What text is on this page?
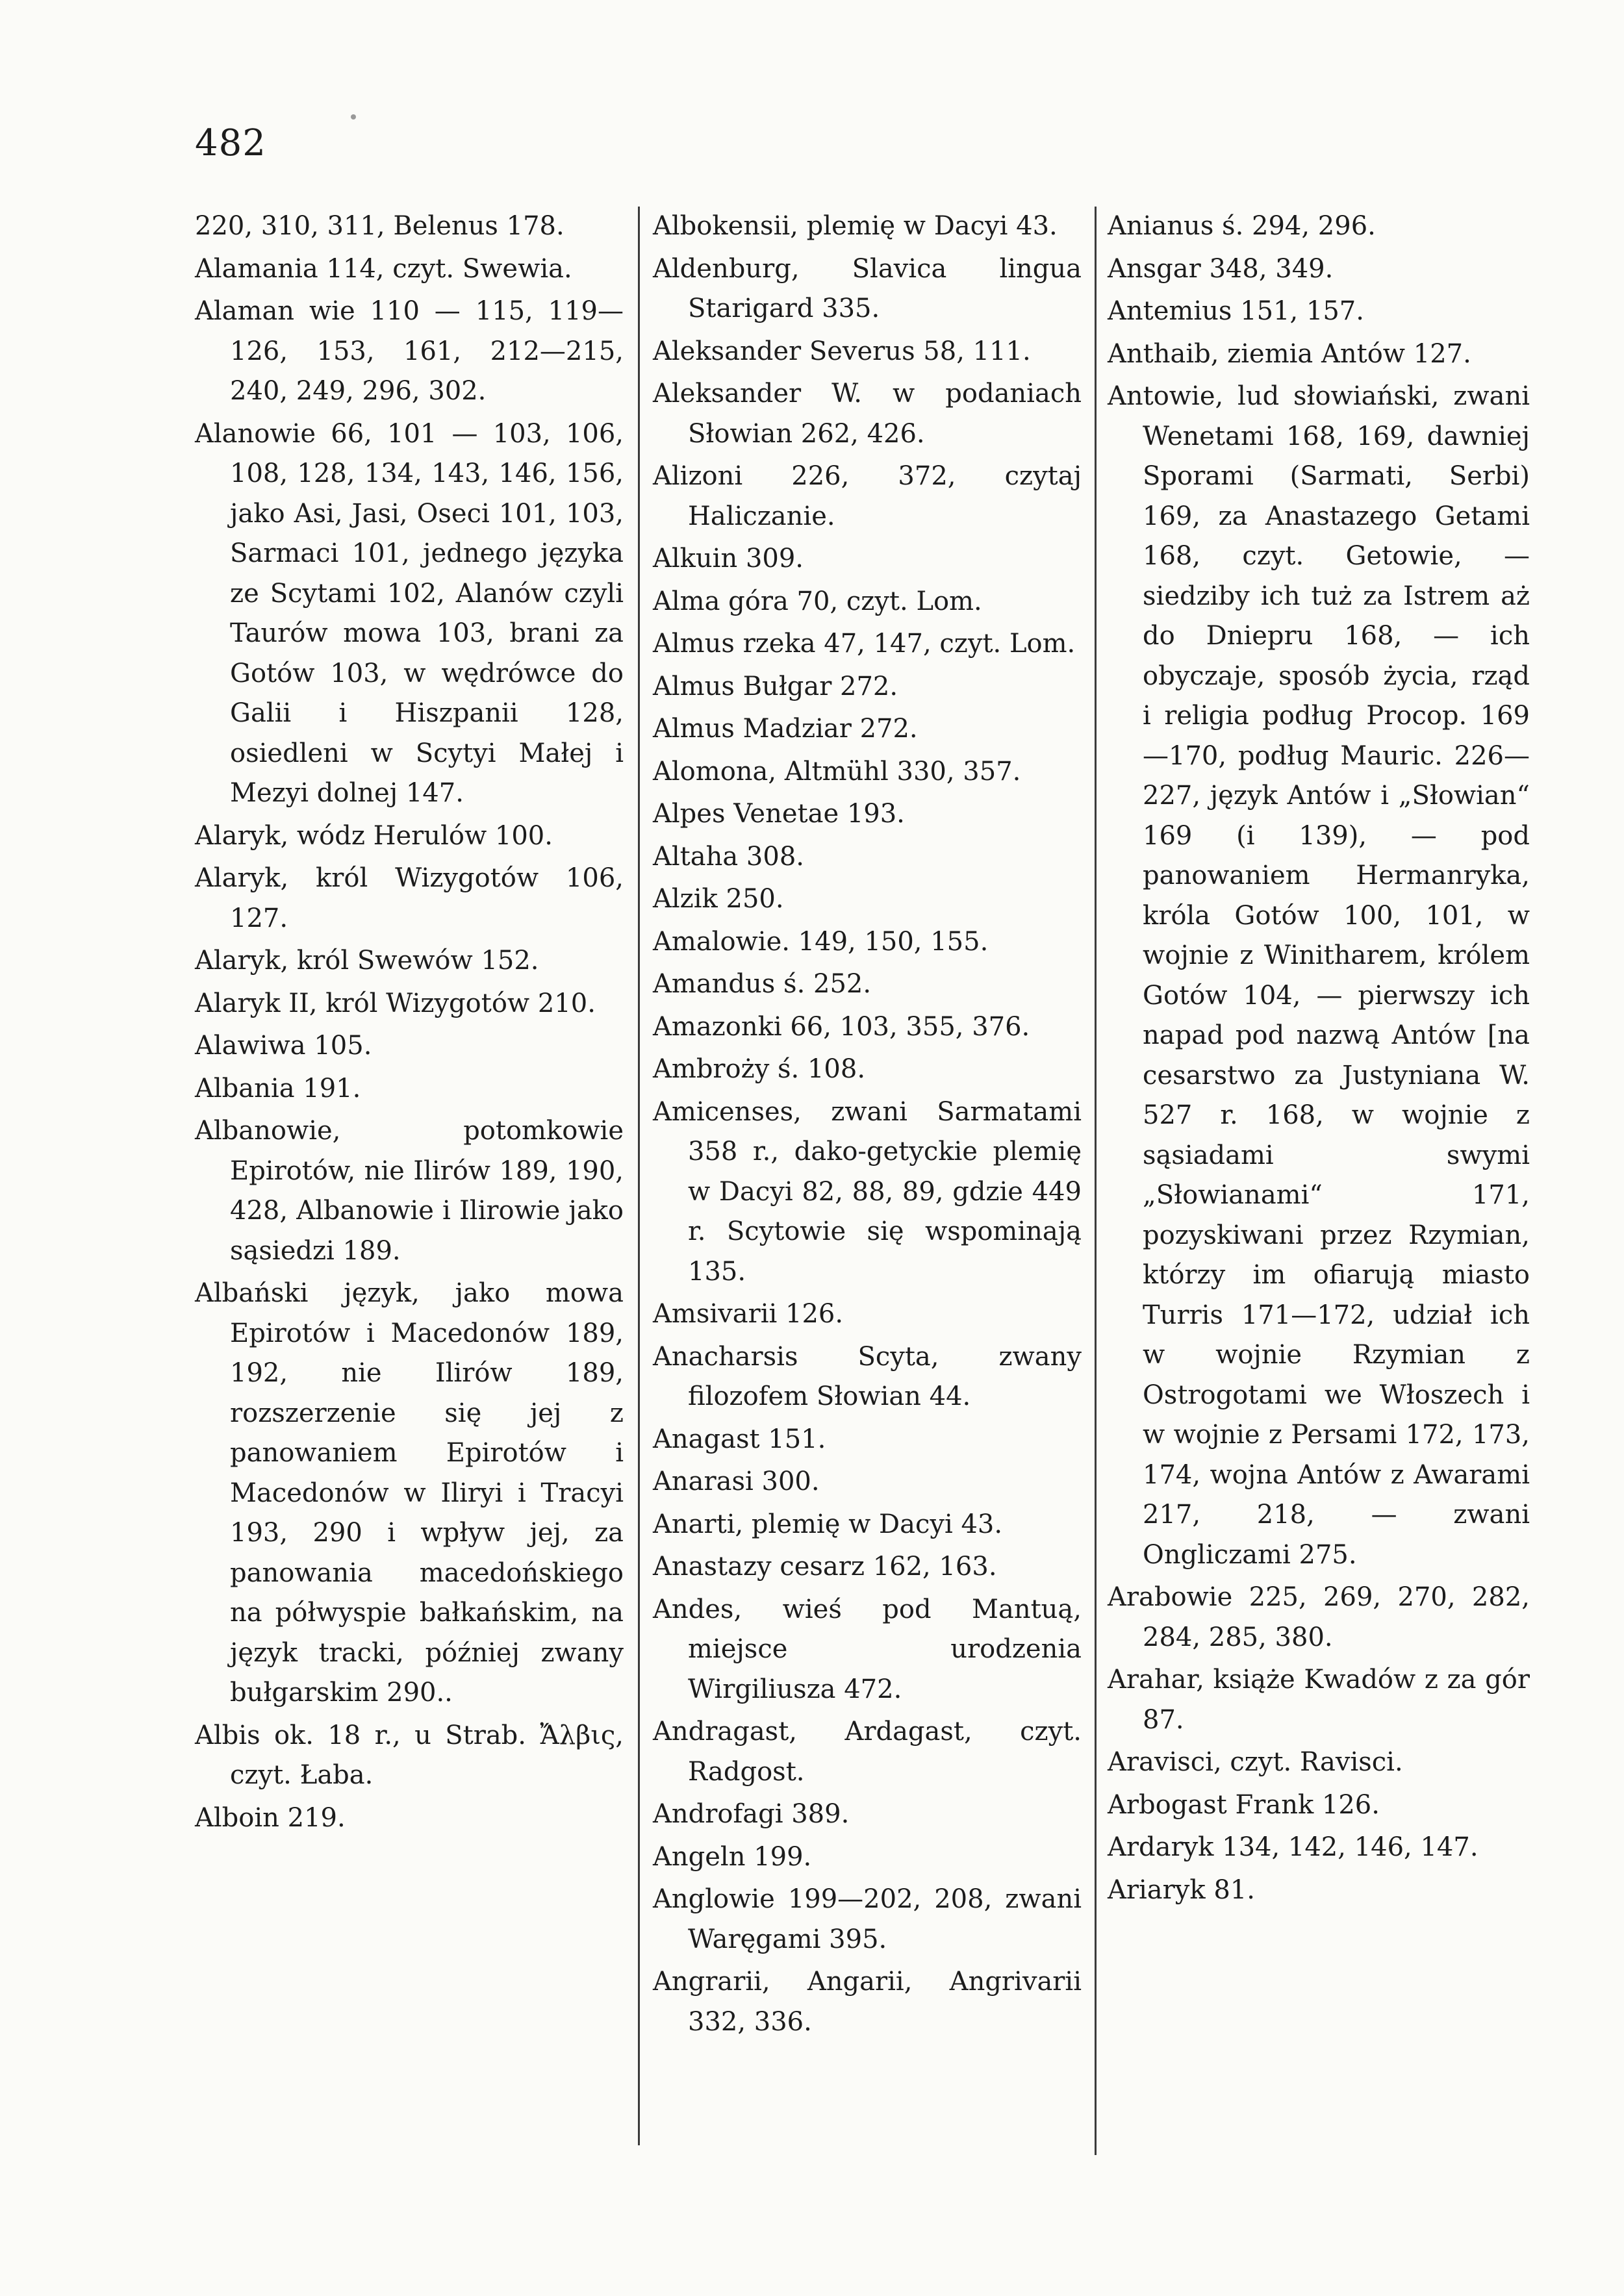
482
220, 310, 311, Belenus 178.
Alamania 114, czyt. Swewia.
Alaman wie 110 — 115, 119—126, 153, 161, 212—215, 240, 249, 296, 302.
Alanowie 66, 101 — 103, 106, 108, 128, 134, 143, 146, 156, jako Asi, Jasi, Oseci 101, 103, Sarmaci 101, jednego języka ze Scytami 102, Alanów czyli Taurów mowa 103, brani za Gotów 103, w wędrówce do Galii i Hiszpanii 128, osiedleni w Scytyi Małej i Mezyi dolnej 147.
Alaryk, wódz Herulów 100.
Alaryk, król Wizygotów 106, 127.
Alaryk, król Swewów 152.
Alaryk II, król Wizygotów 210.
Alawiwa 105.
Albania 191.
Albanowie, potomkowie Epirotów, nie Ilirów 189, 190, 428, Albanowie i Ilirowie jako sąsiedzi 189.
Albański język, jako mowa Epirotów i Macedonów 189, 192, nie Ilirów 189, rozszerzenie się jej z panowaniem Epirotów i Macedonów w Iliryi i Tracyi 193, 290 i wpływ jej, za panowania macedońskiego na półwyspie bałkańskim, na język tracki, później zwany bułgarskim 290..
Albis ok. 18 r., u Strab. Ἄλβις, czyt. Łaba.
Alboin 219.
Albokensii, plemię w Dacyi 43.
Aldenburg, Slavica lingua Starigard 335.
Aleksander Severus 58, 111.
Aleksander W. w podaniach Słowian 262, 426.
Alizoni 226, 372, czytaj Haliczanie.
Alkuin 309.
Alma góra 70, czyt. Lom.
Almus rzeka 47, 147, czyt. Lom.
Almus Bułgar 272.
Almus Madziar 272.
Alomona, Altmühl 330, 357.
Alpes Venetae 193.
Altaha 308.
Alzik 250.
Amalowie. 149, 150, 155.
Amandus ś. 252.
Amazonki 66, 103, 355, 376.
Ambroży ś. 108.
Amicenses, zwani Sarmatami 358 r., dako-getyckie plemię w Dacyi 82, 88, 89, gdzie 449 r. Scytowie się wspominają 135.
Amsivarii 126.
Anacharsis Scyta, zwany filozofem Słowian 44.
Anagast 151.
Anarasi 300.
Anarti, plemię w Dacyi 43.
Anastazy cesarz 162, 163.
Andes, wieś pod Mantuą, miejsce urodzenia Wirgiliusza 472.
Andragast, Ardagast, czyt. Radgost.
Androfagi 389.
Angeln 199.
Anglowie 199—202, 208, zwani Waręgami 395.
Angrarii, Angarii, Angrivarii 332, 336.
Anianus ś. 294, 296.
Ansgar 348, 349.
Antemius 151, 157.
Anthaib, ziemia Antów 127.
Antowie, lud słowiański, zwani Wenetami 168, 169, dawniej Sporami (Sarmati, Serbi) 169, za Anastazego Getami 168, czyt. Getowie, — siedziby ich tuż za Istrem aż do Dniepru 168, — ich obyczaje, sposób życia, rząd i religia podług Procop. 169—170, podług Mauric. 226—227, język Antów i „Słowian“ 169 (i 139), — pod panowaniem Hermanryka, króla Gotów 100, 101, w wojnie z Winitharem, królem Gotów 104, — pierwszy ich napad pod nazwą Antów [na cesarstwo za Justyniana W. 527 r. 168, w wojnie z sąsiadami swymi „Słowianami“ 171, pozyskiwani przez Rzymian, którzy im ofiarują miasto Turris 171—172, udział ich w wojnie Rzymian z Ostrogotami we Włoszech i w wojnie z Persami 172, 173, 174, wojna Antów z Awarami 217, 218, — zwani Ongliczami 275.
Arabowie 225, 269, 270, 282, 284, 285, 380.
Arahar, książe Kwadów z za gór 87.
Aravisci, czyt. Ravisci.
Arbogast Frank 126.
Ardaryk 134, 142, 146, 147.
Ariaryk 81.
